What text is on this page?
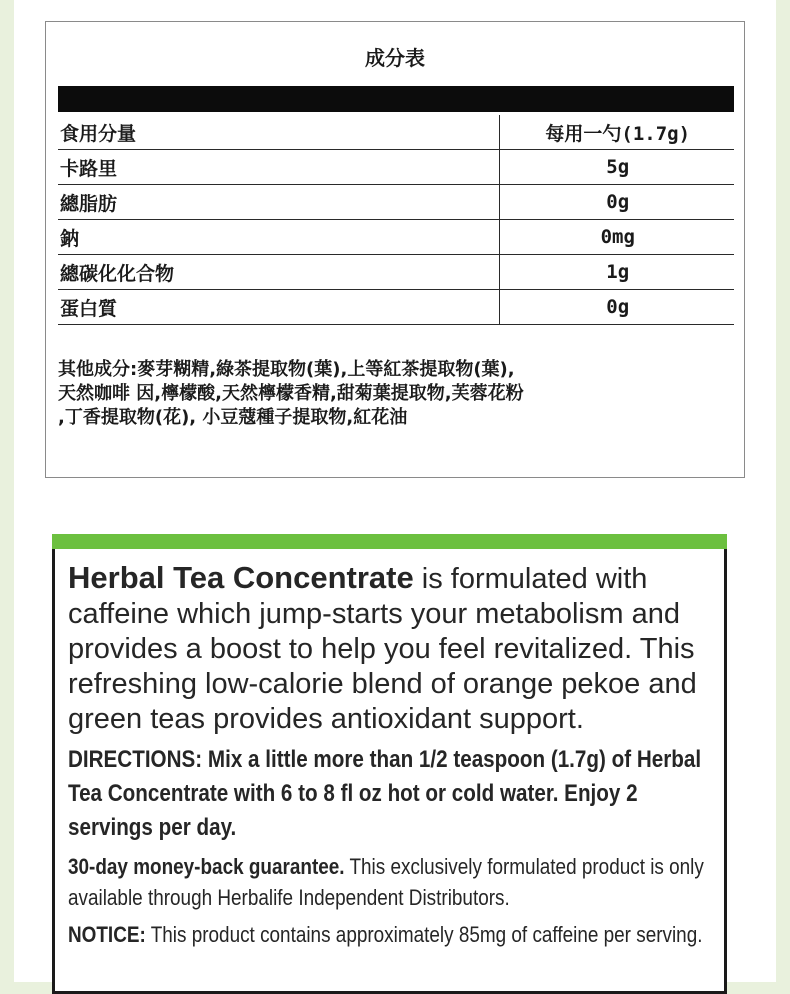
成分表
食用分量	每用一勺(1.7g)
卡路里	5g
總脂肪	0g
鈉	0mg
總碳化化合物	1g
蛋白質	0g
其他成分:麥芽糊精,綠茶提取物(葉),上等紅茶提取物(葉),
天然咖啡 因,檸檬酸,天然檸檬香精,甜菊葉提取物,芙蓉花粉
,丁香提取物(花), 小豆蔻種子提取物,紅花油

Herbal Tea Concentrate is formulated with caffeine which jump-starts your metabolism and provides a boost to help you feel revitalized. This refreshing low-calorie blend of orange pekoe and green teas provides antioxidant support.

DIRECTIONS: Mix a little more than 1/2 teaspoon (1.7g) of Herbal Tea Concentrate with 6 to 8 fl oz hot or cold water. Enjoy 2 servings per day.

30-day money-back guarantee. This exclusively formulated product is only available through Herbalife Independent Distributors.

NOTICE: This product contains approximately 85mg of caffeine per serving.
